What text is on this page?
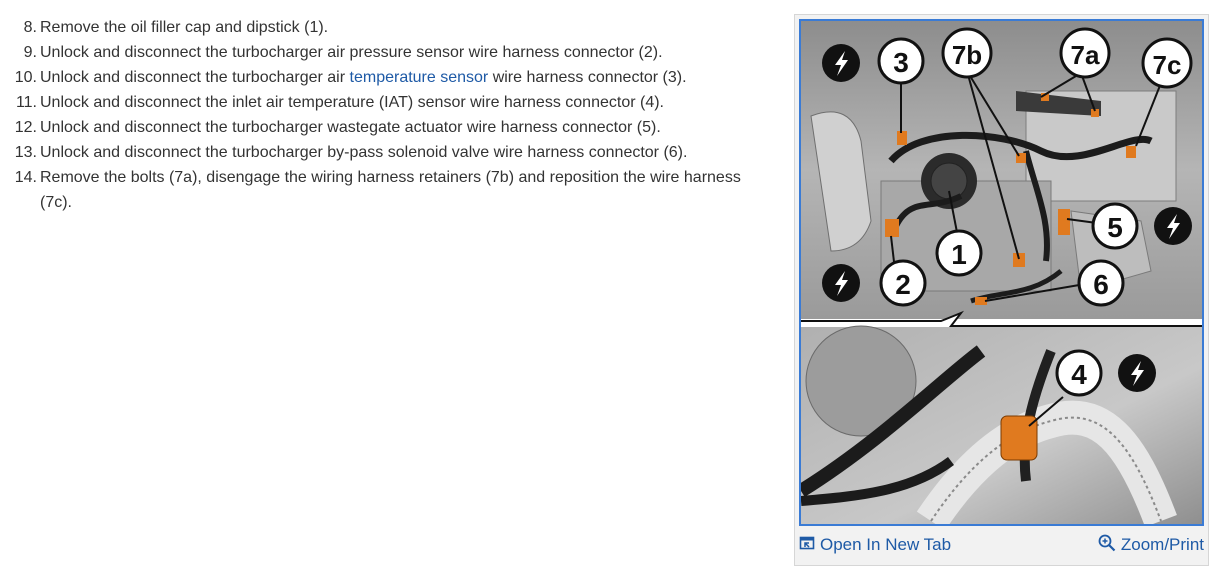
8. Remove the oil filler cap and dipstick (1).
9. Unlock and disconnect the turbocharger air pressure sensor wire harness connector (2).
10. Unlock and disconnect the turbocharger air temperature sensor wire harness connector (3).
11. Unlock and disconnect the inlet air temperature (IAT) sensor wire harness connector (4).
12. Unlock and disconnect the turbocharger wastegate actuator wire harness connector (5).
13. Unlock and disconnect the turbocharger by-pass solenoid valve wire harness connector (6).
14. Remove the bolts (7a), disengage the wiring harness retainers (7b) and reposition the wire harness (7c).
3 7b	7a 7c
1
2
5
6
4
Open In New Tab	Zoom/Print
